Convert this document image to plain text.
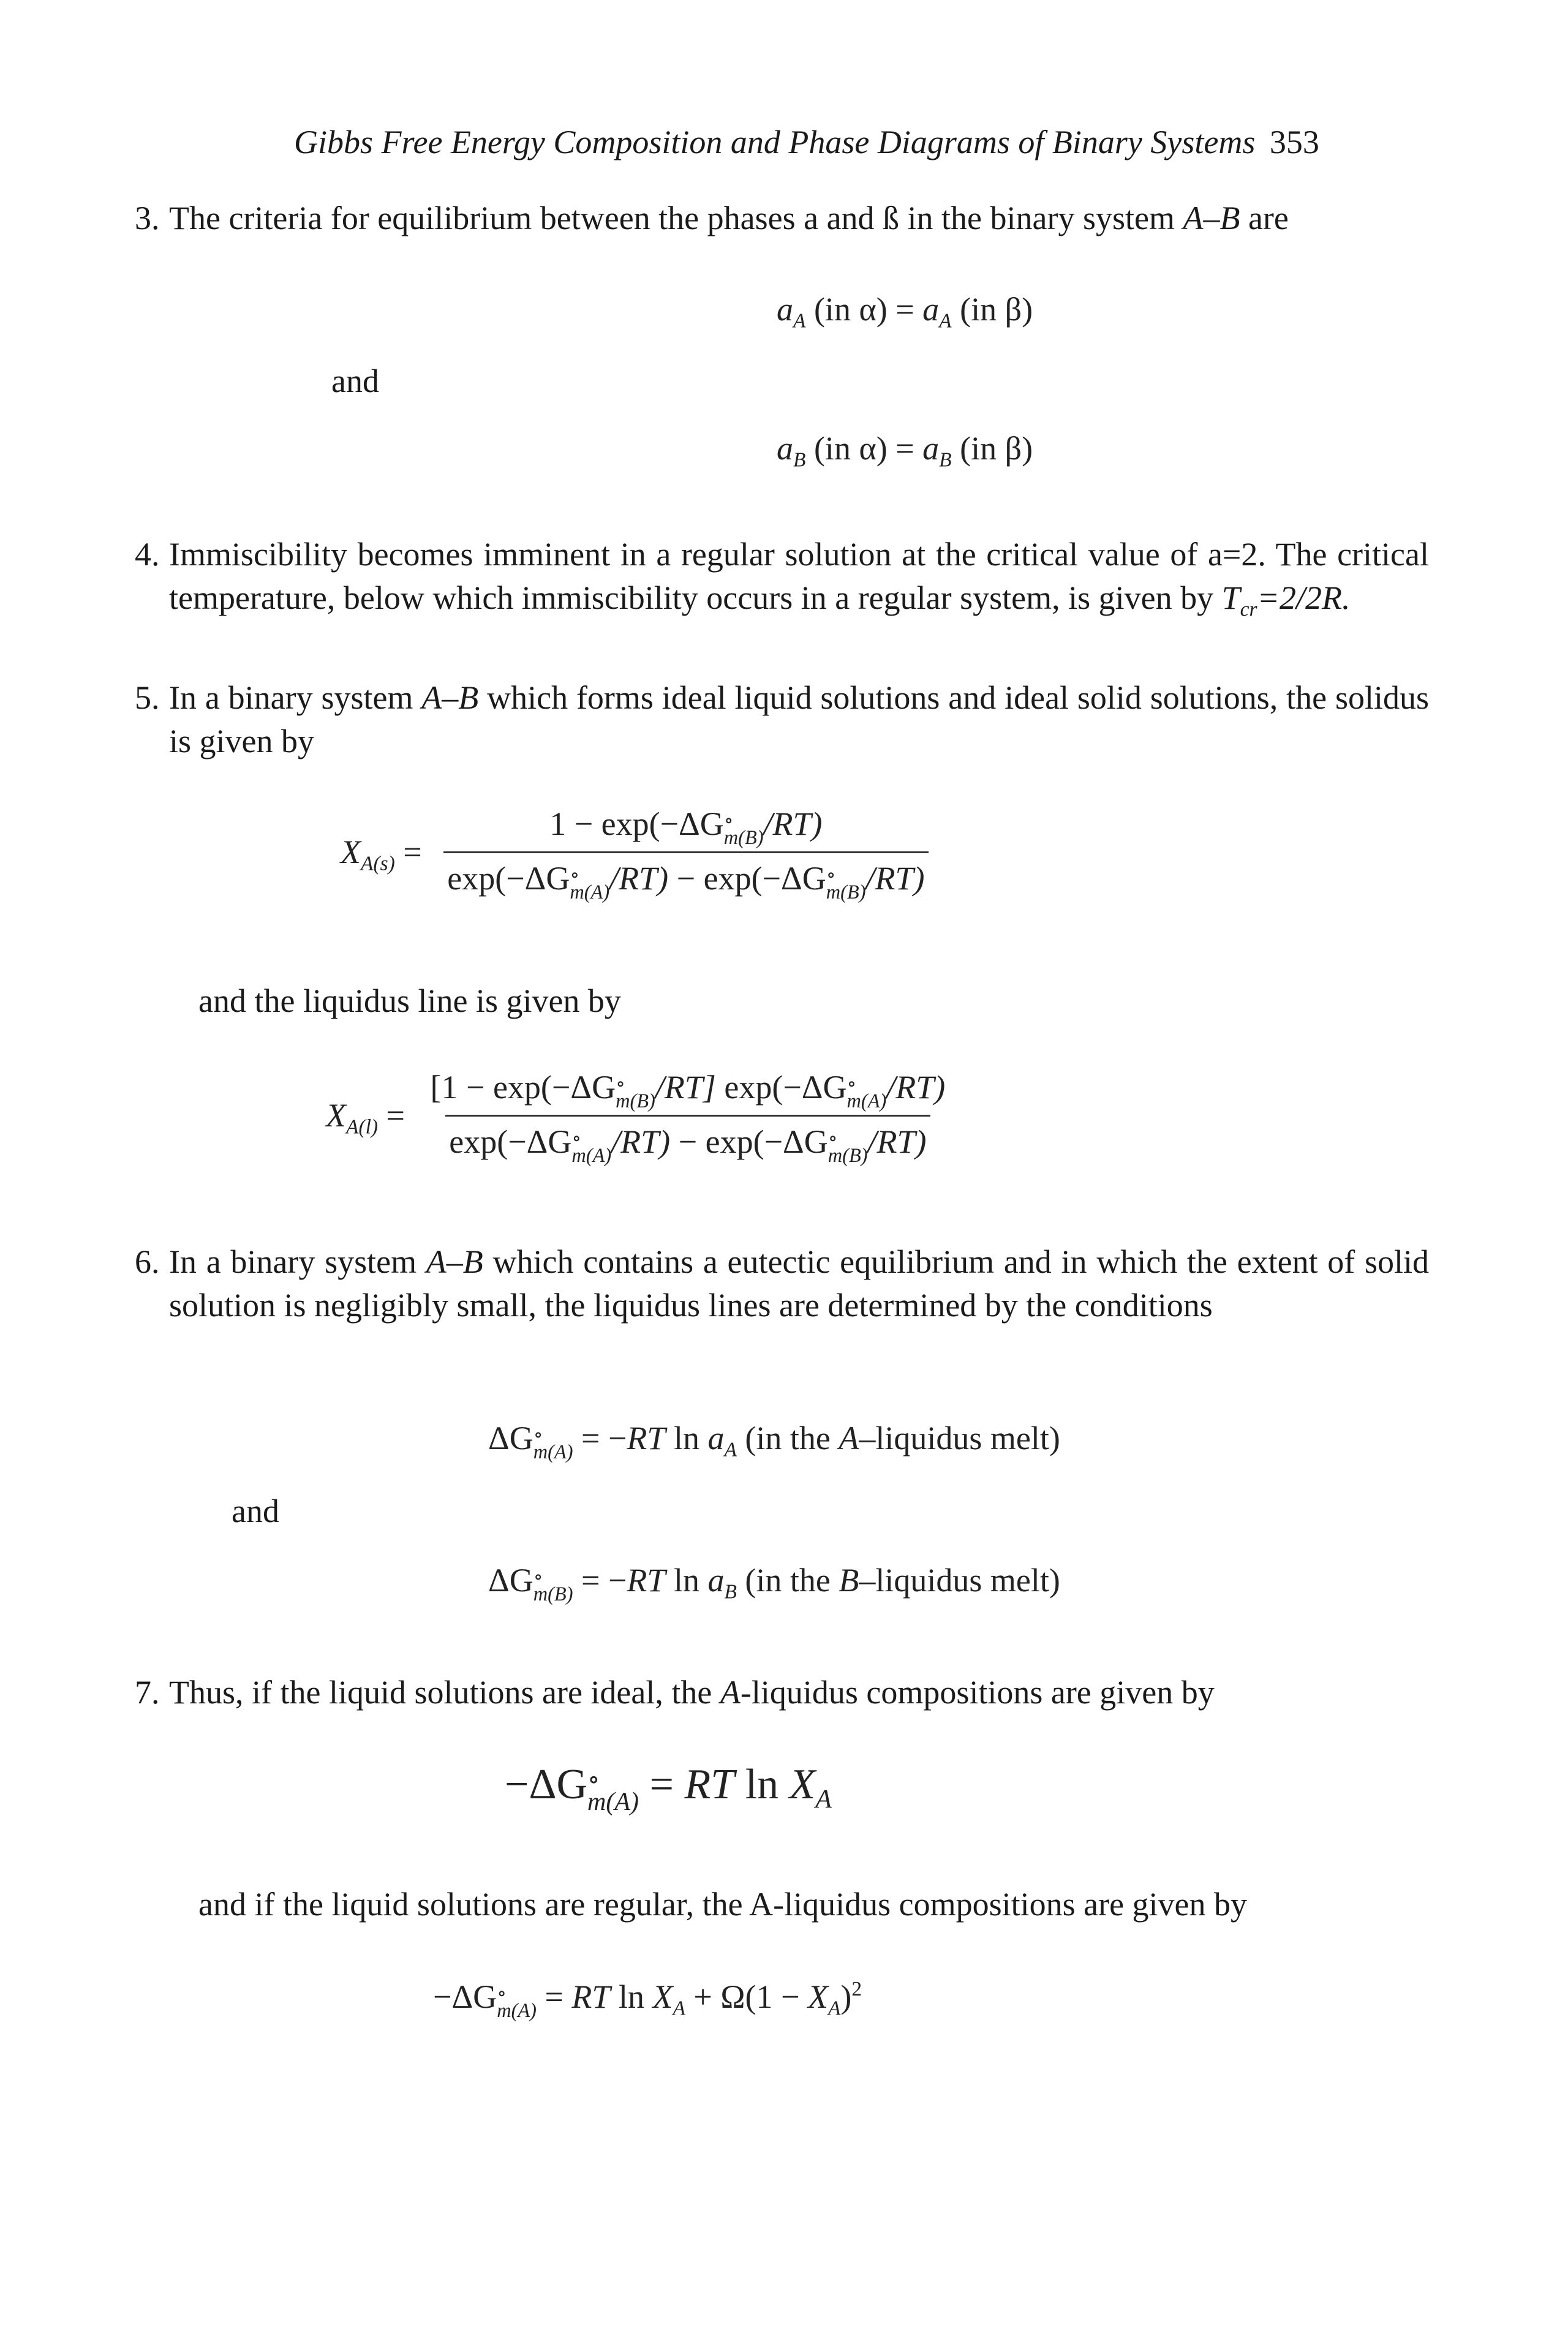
Gibbs Free Energy Composition and Phase Diagrams of Binary Systems 353
3. The criteria for equilibrium between the phases a and ß in the binary system A–B are
$a_A$ (in $\alpha) = a_A$ (in β)
and
$a_B$ (in $\alpha) = a_B$ (in β)
4. Immiscibility becomes imminent in a regular solution at the critical value of a=2. The critical temperature, below which immiscibility occurs in a regular system, is given by $T_{cr}=2/2R$.
5. In a binary system A–B which forms ideal liquid solutions and ideal solid solutions, the solidus is given by
$X_{A(s)} = 1 - \exp(-\Delta G$ ∘
m(B) /RT)
exp(−ΔG ∘
m(A) /RT) − exp(−ΔG ∘
m(B) /RT)
and the liquidus line is given by
$X_{A(l)} = [1 - \exp(-\Delta G$ ∘
m(B) /RT] exp(−ΔG ∘
m(A) /RT)
exp(−ΔG ∘
m(A) /RT) − exp(−ΔG ∘
m(B) /RT)
6. In a binary system A–B which contains a eutectic equilibrium and in which the extent of solid solution is negligibly small, the liquidus lines are determined by the conditions
ΔG ∘
m(A) = −RT $\ln a_A$ (in the A–liquidus melt)
and
ΔG ∘
m(B) = −RT $\ln a_B$ (in the B–liquidus melt)
7. Thus, if the liquid solutions are ideal, the A-liquidus compositions are given by
−ΔG ∘
m(A) = RT $\ln X_A$
and if the liquid solutions are regular, the A-liquidus compositions are given by
−ΔG ∘
m(A) = RT $\ln X_A + \Omega(1 - X_A)^2$
